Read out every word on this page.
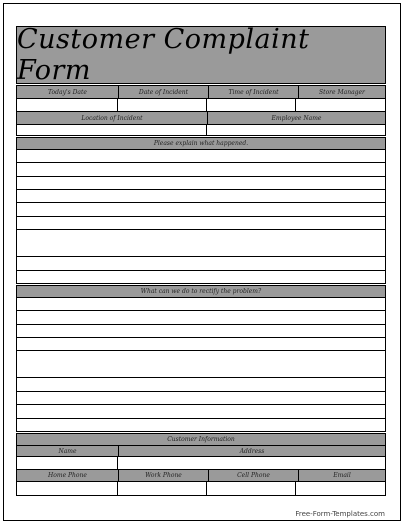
Customer Complaint Form
Today's Date	Date of Incident	Time of Incident	Store Manager
Location of Incident	Employee Name
Please explain what happened.
What can we do to rectify the problem?
Customer Information
Name	Address
Home Phone	Work Phone	Cell Phone	Email
Free-Form-Templates.com
